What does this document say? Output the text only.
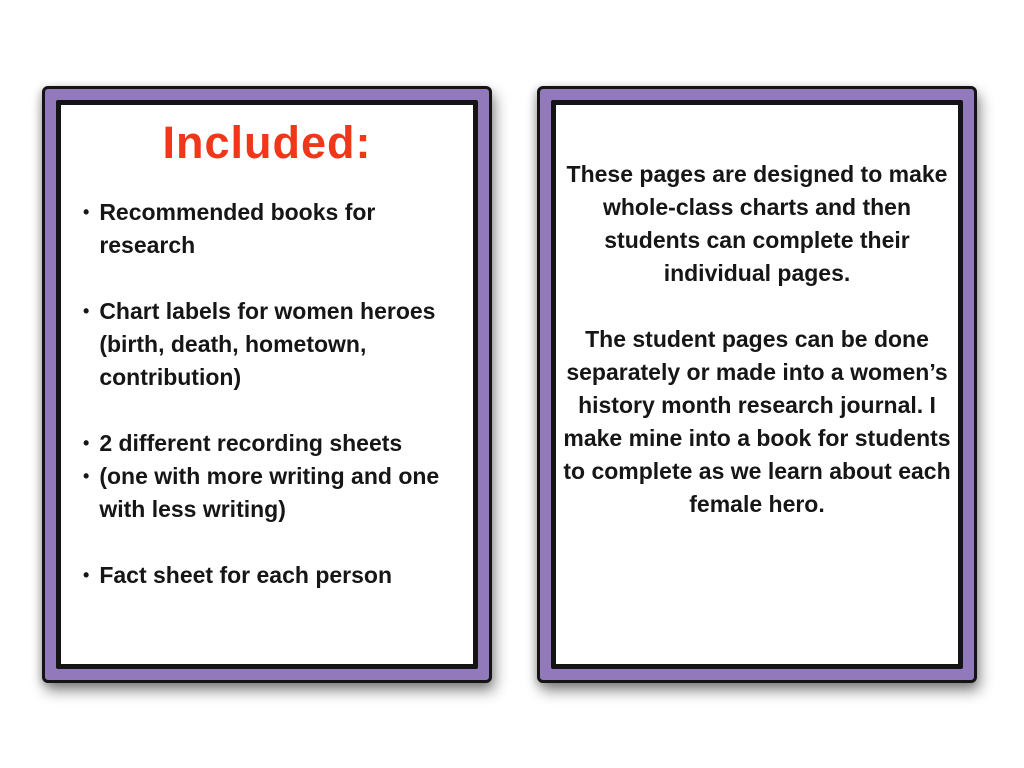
Included:
• Recommended books for research
• Chart labels for women heroes (birth, death, hometown, contribution)
• 2 different recording sheets
• (one with more writing and one with less writing)
• Fact sheet for each person

These pages are designed to make whole-class charts and then students can complete their individual pages.

The student pages can be done separately or made into a women’s history month research journal. I make mine into a book for students to complete as we learn about each female hero.
